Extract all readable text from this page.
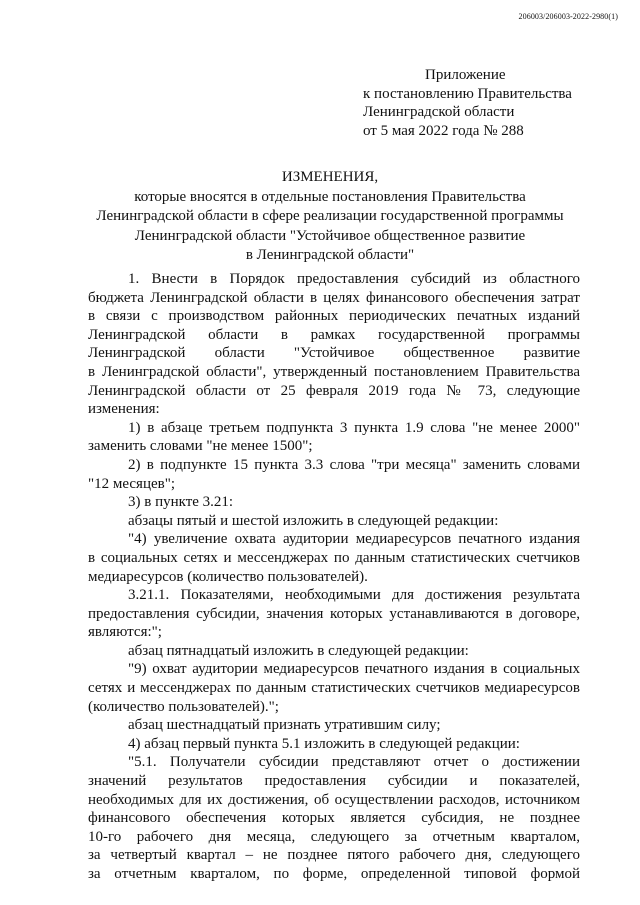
206003/206003-2022-2980(1)
Приложение
к постановлению Правительства
Ленинградской области
от 5 мая 2022 года № 288
ИЗМЕНЕНИЯ,
которые вносятся в отдельные постановления Правительства
Ленинградской области в сфере реализации государственной программы
Ленинградской области "Устойчивое общественное развитие
в Ленинградской области"
1. Внести в Порядок предоставления субсидий из областного
бюджета Ленинградской области в целях финансового обеспечения затрат
в связи с производством районных периодических печатных изданий
Ленинградской области в рамках государственной программы
Ленинградской области "Устойчивое общественное развитие
в Ленинградской области", утвержденный постановлением Правительства
Ленинградской области от 25 февраля 2019 года № 73, следующие
изменения:
1) в абзаце третьем подпункта 3 пункта 1.9 слова "не менее 2000"
заменить словами "не менее 1500";
2) в подпункте 15 пункта 3.3 слова "три месяца" заменить словами
"12 месяцев";
3) в пункте 3.21:
абзацы пятый и шестой изложить в следующей редакции:
"4) увеличение охвата аудитории медиаресурсов печатного издания
в социальных сетях и мессенджерах по данным статистических счетчиков
медиаресурсов (количество пользователей).
3.21.1. Показателями, необходимыми для достижения результата
предоставления субсидии, значения которых устанавливаются в договоре,
являются:";
абзац пятнадцатый изложить в следующей редакции:
"9) охват аудитории медиаресурсов печатного издания в социальных
сетях и мессенджерах по данным статистических счетчиков медиаресурсов
(количество пользователей).";
абзац шестнадцатый признать утратившим силу;
4) абзац первый пункта 5.1 изложить в следующей редакции:
"5.1. Получатели субсидии представляют отчет о достижении
значений результатов предоставления субсидии и показателей,
необходимых для их достижения, об осуществлении расходов, источником
финансового обеспечения которых является субсидия, не позднее
10-го рабочего дня месяца, следующего за отчетным кварталом,
за четвертый квартал – не позднее пятого рабочего дня, следующего
за отчетным кварталом, по форме, определенной типовой формой
